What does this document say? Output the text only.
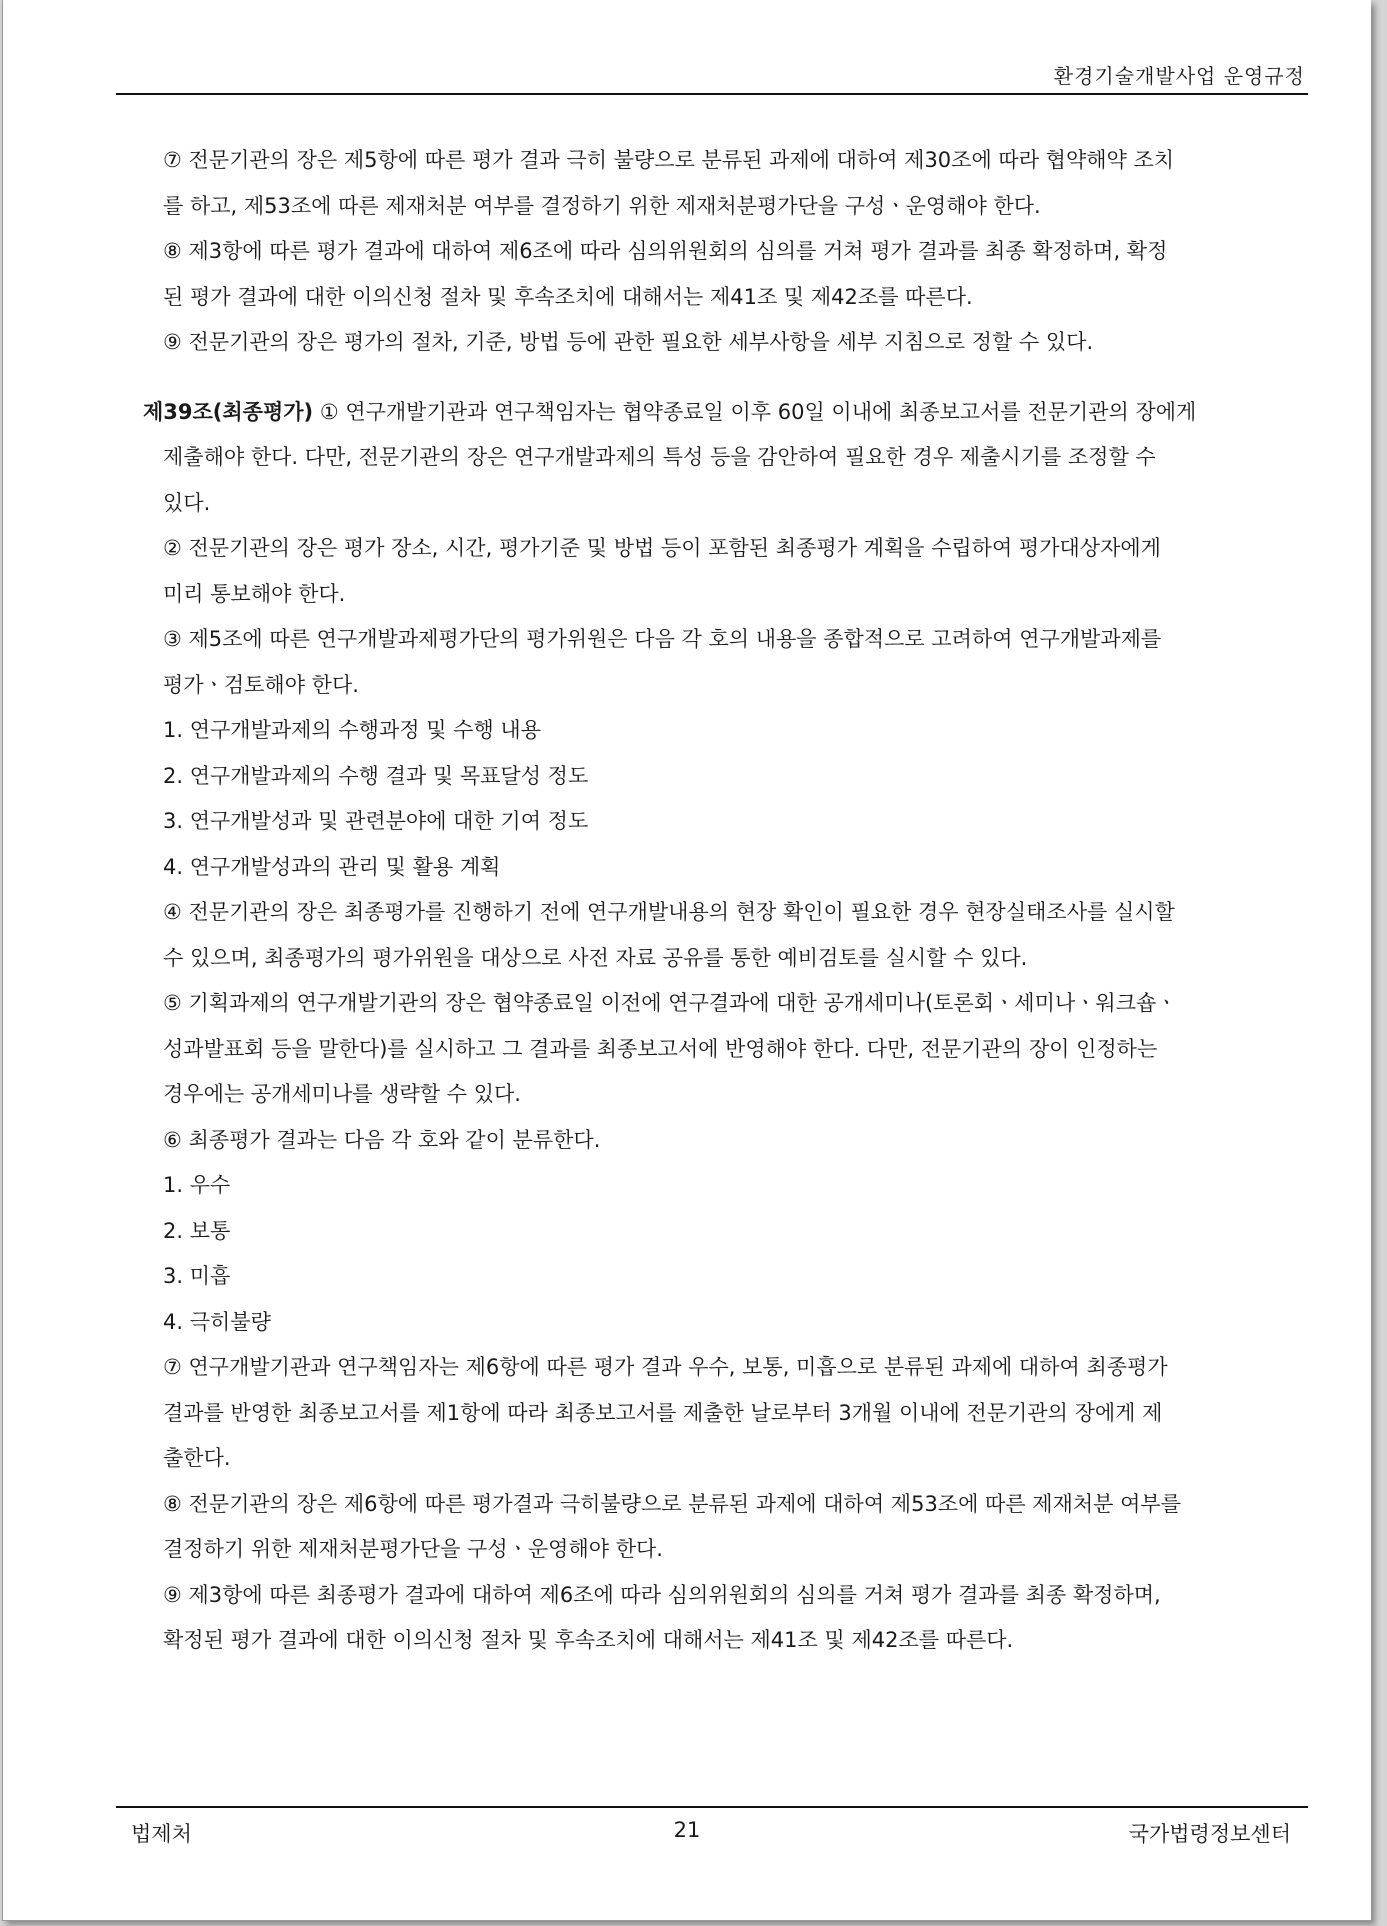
환경기술개발사업 운영규정
⑦ 전문기관의 장은 제5항에 따른 평가 결과 극히 불량으로 분류된 과제에 대하여 제30조에 따라 협약해약 조치
를 하고, 제53조에 따른 제재처분 여부를 결정하기 위한 제재처분평가단을 구성ㆍ운영해야 한다.
⑧ 제3항에 따른 평가 결과에 대하여 제6조에 따라 심의위원회의 심의를 거쳐 평가 결과를 최종 확정하며, 확정
된 평가 결과에 대한 이의신청 절차 및 후속조치에 대해서는 제41조 및 제42조를 따른다.
⑨ 전문기관의 장은 평가의 절차, 기준, 방법 등에 관한 필요한 세부사항을 세부 지침으로 정할 수 있다.
제39조(최종평가) ① 연구개발기관과 연구책임자는 협약종료일 이후 60일 이내에 최종보고서를 전문기관의 장에게
제출해야 한다. 다만, 전문기관의 장은 연구개발과제의 특성 등을 감안하여 필요한 경우 제출시기를 조정할 수
있다.
② 전문기관의 장은 평가 장소, 시간, 평가기준 및 방법 등이 포함된 최종평가 계획을 수립하여 평가대상자에게
미리 통보해야 한다.
③ 제5조에 따른 연구개발과제평가단의 평가위원은 다음 각 호의 내용을 종합적으로 고려하여 연구개발과제를
평가ㆍ검토해야 한다.
1. 연구개발과제의 수행과정 및 수행 내용
2. 연구개발과제의 수행 결과 및 목표달성 정도
3. 연구개발성과 및 관련분야에 대한 기여 정도
4. 연구개발성과의 관리 및 활용 계획
④ 전문기관의 장은 최종평가를 진행하기 전에 연구개발내용의 현장 확인이 필요한 경우 현장실태조사를 실시할
수 있으며, 최종평가의 평가위원을 대상으로 사전 자료 공유를 통한 예비검토를 실시할 수 있다.
⑤ 기획과제의 연구개발기관의 장은 협약종료일 이전에 연구결과에 대한 공개세미나(토론회ㆍ세미나ㆍ워크숍ㆍ
성과발표회 등을 말한다)를 실시하고 그 결과를 최종보고서에 반영해야 한다. 다만, 전문기관의 장이 인정하는
경우에는 공개세미나를 생략할 수 있다.
⑥ 최종평가 결과는 다음 각 호와 같이 분류한다.
1. 우수
2. 보통
3. 미흡
4. 극히불량
⑦ 연구개발기관과 연구책임자는 제6항에 따른 평가 결과 우수, 보통, 미흡으로 분류된 과제에 대하여 최종평가
결과를 반영한 최종보고서를 제1항에 따라 최종보고서를 제출한 날로부터 3개월 이내에 전문기관의 장에게 제
출한다.
⑧ 전문기관의 장은 제6항에 따른 평가결과 극히불량으로 분류된 과제에 대하여 제53조에 따른 제재처분 여부를
결정하기 위한 제재처분평가단을 구성ㆍ운영해야 한다.
⑨ 제3항에 따른 최종평가 결과에 대하여 제6조에 따라 심의위원회의 심의를 거쳐 평가 결과를 최종 확정하며,
확정된 평가 결과에 대한 이의신청 절차 및 후속조치에 대해서는 제41조 및 제42조를 따른다.
법제처	21	국가법령정보센터
